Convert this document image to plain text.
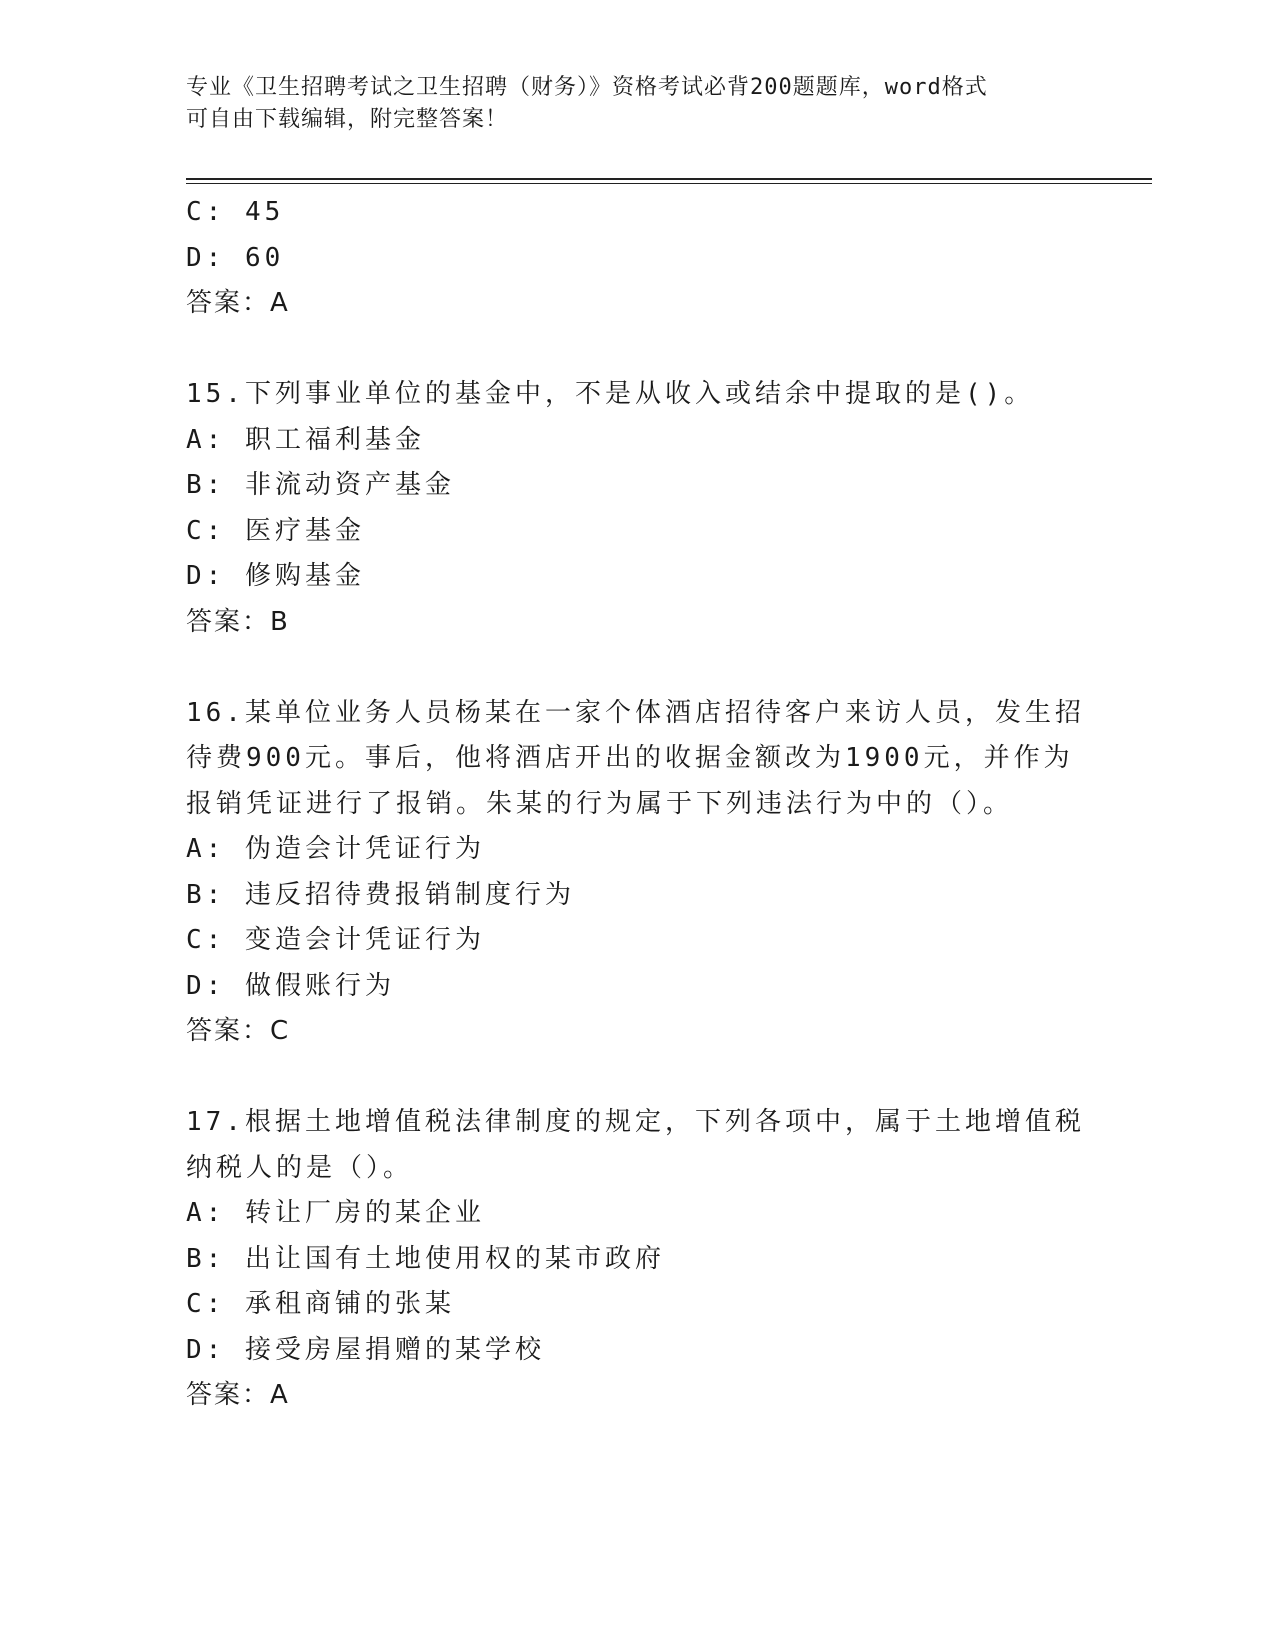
专业《卫生招聘考试之卫生招聘（财务）》资格考试必背200题题库，word格式
可自由下载编辑，附完整答案！
C: 45
D: 60
答案：A
15.下列事业单位的基金中，不是从收入或结余中提取的是()。
A: 职工福利基金
B: 非流动资产基金
C: 医疗基金
D: 修购基金
答案：B
16.某单位业务人员杨某在一家个体酒店招待客户来访人员，发生招待费900元。事后，他将酒店开出的收据金额改为1900元，并作为报销凭证进行了报销。朱某的行为属于下列违法行为中的（）。
A: 伪造会计凭证行为
B: 违反招待费报销制度行为
C: 变造会计凭证行为
D: 做假账行为
答案：C
17.根据土地增值税法律制度的规定，下列各项中，属于土地增值税纳税人的是（）。
A: 转让厂房的某企业
B: 出让国有土地使用权的某市政府
C: 承租商铺的张某
D: 接受房屋捐赠的某学校
答案：A
